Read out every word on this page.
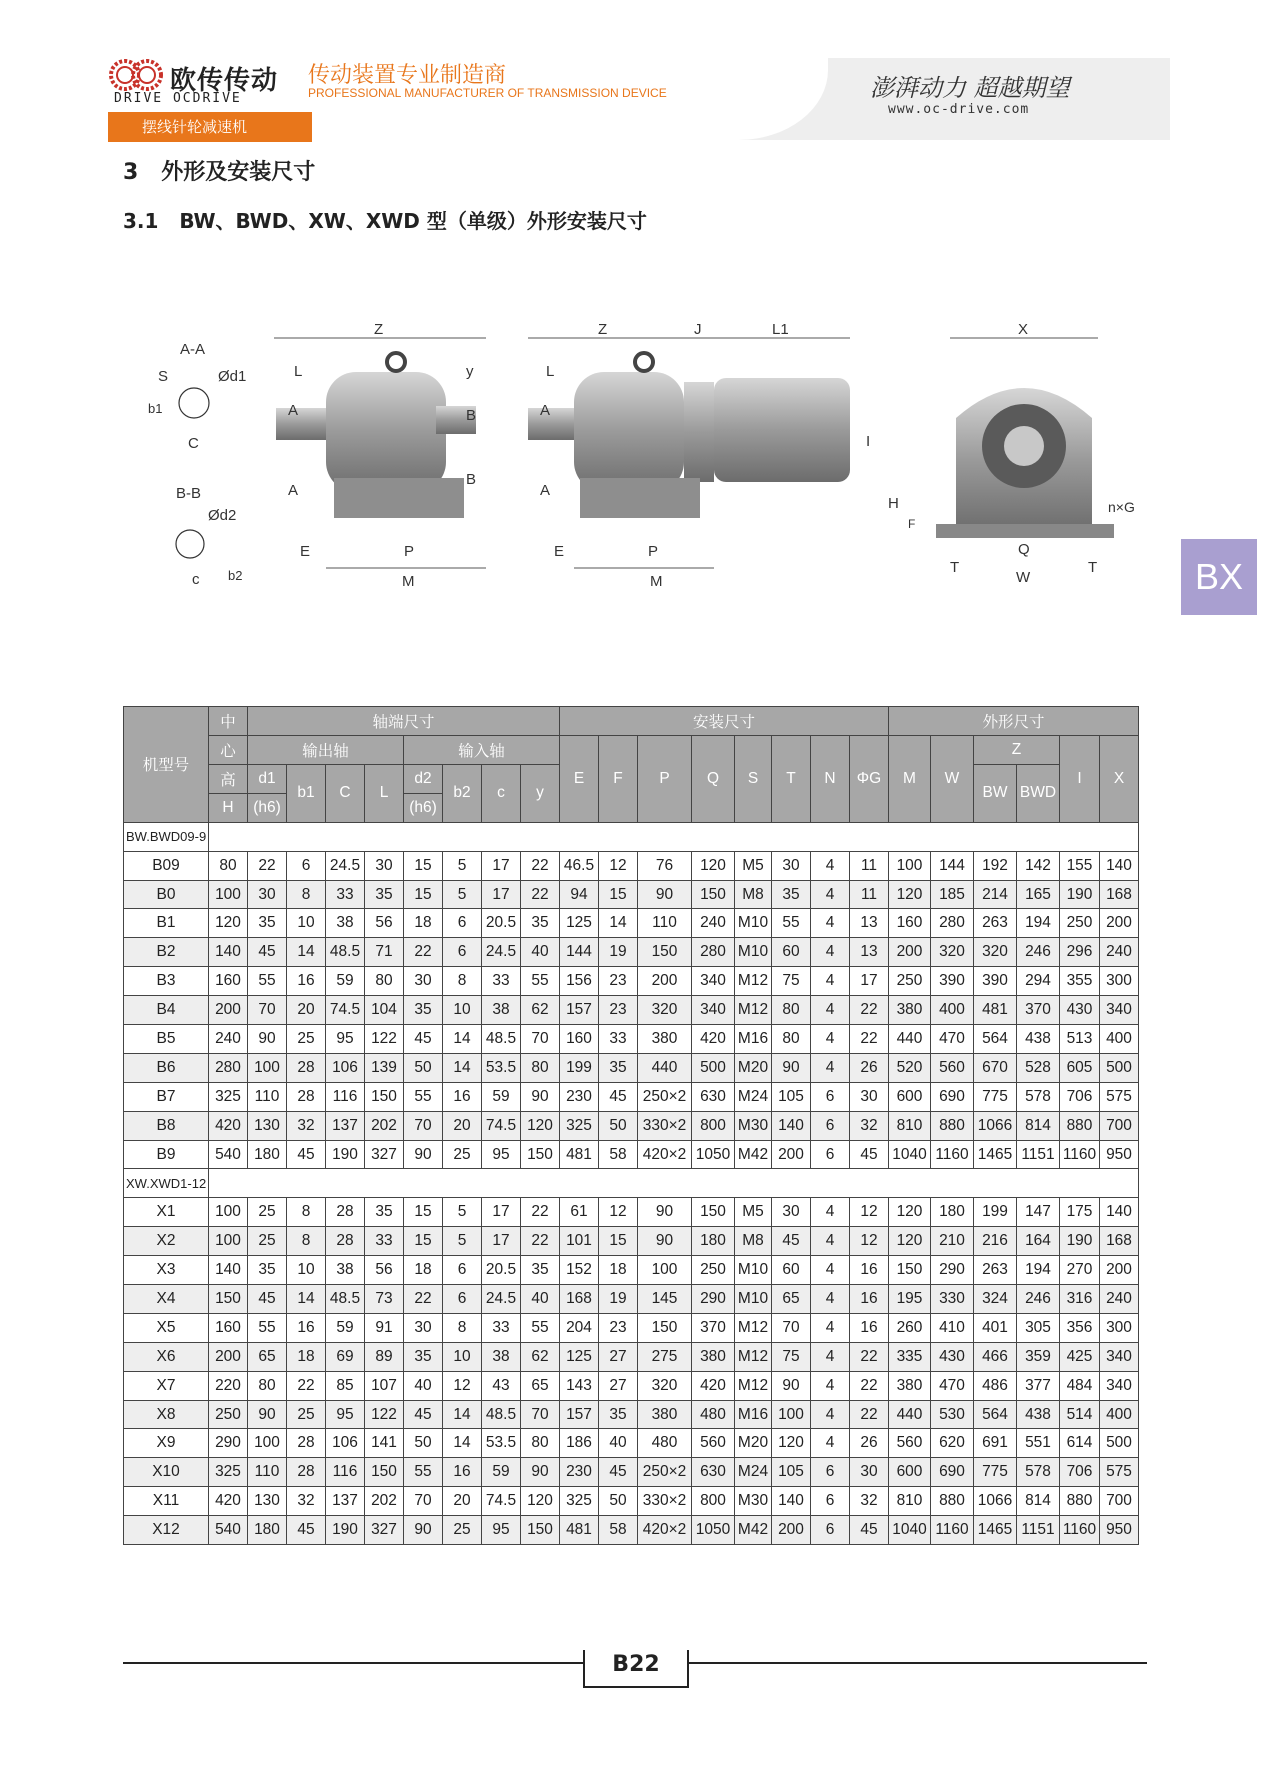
欧传传动
DRIVE OCDRIVE
传动装置专业制造商
PROFESSIONAL MANUFACTURER OF TRANSMISSION DEVICE	澎湃动力 超越期望
www.oc-drive.com
摆线针轮减速机
3   外形及安装尺寸
3.1   BW、BWD、XW、XWD 型（单级）外形安装尺寸
BX
A-A
S	Ød1
b1
C
B-B
Ød2
c b2
Z
L	y
A
A
B
B
E	P
M
Z	J	L1
L
A
A
E	P
M
X
I
H
F
n×G
Q
T	T
W
机型号	中	轴端尺寸								安装尺寸								外形尺寸					
	心	输出轴				输入轴				E	F	P	Q	S	T	N	ΦG	M	W	Z		I	X
	高	d1	b1	C	L	d2	b2	c	y											BW	BWD		
	H	(h6)				(h6)																	
BW.BWD09-9																							
B09	80	22	6	24.5	30	15	5	17	22	46.5	12	76	120	M5	30	4	11	100	144	192	142	155	140
B0	100	30	8	33	35	15	5	17	22	94	15	90	150	M8	35	4	11	120	185	214	165	190	168
B1	120	35	10	38	56	18	6	20.5	35	125	14	110	240	M10	55	4	13	160	280	263	194	250	200
B2	140	45	14	48.5	71	22	6	24.5	40	144	19	150	280	M10	60	4	13	200	320	320	246	296	240
B3	160	55	16	59	80	30	8	33	55	156	23	200	340	M12	75	4	17	250	390	390	294	355	300
B4	200	70	20	74.5	104	35	10	38	62	157	23	320	340	M12	80	4	22	380	400	481	370	430	340
B5	240	90	25	95	122	45	14	48.5	70	160	33	380	420	M16	80	4	22	440	470	564	438	513	400
B6	280	100	28	106	139	50	14	53.5	80	199	35	440	500	M20	90	4	26	520	560	670	528	605	500
B7	325	110	28	116	150	55	16	59	90	230	45	250×2	630	M24	105	6	30	600	690	775	578	706	575
B8	420	130	32	137	202	70	20	74.5	120	325	50	330×2	800	M30	140	6	32	810	880	1066	814	880	700
B9	540	180	45	190	327	90	25	95	150	481	58	420×2	1050	M42	200	6	45	1040	1160	1465	1151	1160	950
XW.XWD1-12																							
X1	100	25	8	28	35	15	5	17	22	61	12	90	150	M5	30	4	12	120	180	199	147	175	140
X2	100	25	8	28	33	15	5	17	22	101	15	90	180	M8	45	4	12	120	210	216	164	190	168
X3	140	35	10	38	56	18	6	20.5	35	152	18	100	250	M10	60	4	16	150	290	263	194	270	200
X4	150	45	14	48.5	73	22	6	24.5	40	168	19	145	290	M10	65	4	16	195	330	324	246	316	240
X5	160	55	16	59	91	30	8	33	55	204	23	150	370	M12	70	4	16	260	410	401	305	356	300
X6	200	65	18	69	89	35	10	38	62	125	27	275	380	M12	75	4	22	335	430	466	359	425	340
X7	220	80	22	85	107	40	12	43	65	143	27	320	420	M12	90	4	22	380	470	486	377	484	340
X8	250	90	25	95	122	45	14	48.5	70	157	35	380	480	M16	100	4	22	440	530	564	438	514	400
X9	290	100	28	106	141	50	14	53.5	80	186	40	480	560	M20	120	4	26	560	620	691	551	614	500
X10	325	110	28	116	150	55	16	59	90	230	45	250×2	630	M24	105	6	30	600	690	775	578	706	575
X11	420	130	32	137	202	70	20	74.5	120	325	50	330×2	800	M30	140	6	32	810	880	1066	814	880	700
X12	540	180	45	190	327	90	25	95	150	481	58	420×2	1050	M42	200	6	45	1040	1160	1465	1151	1160	950
B22
